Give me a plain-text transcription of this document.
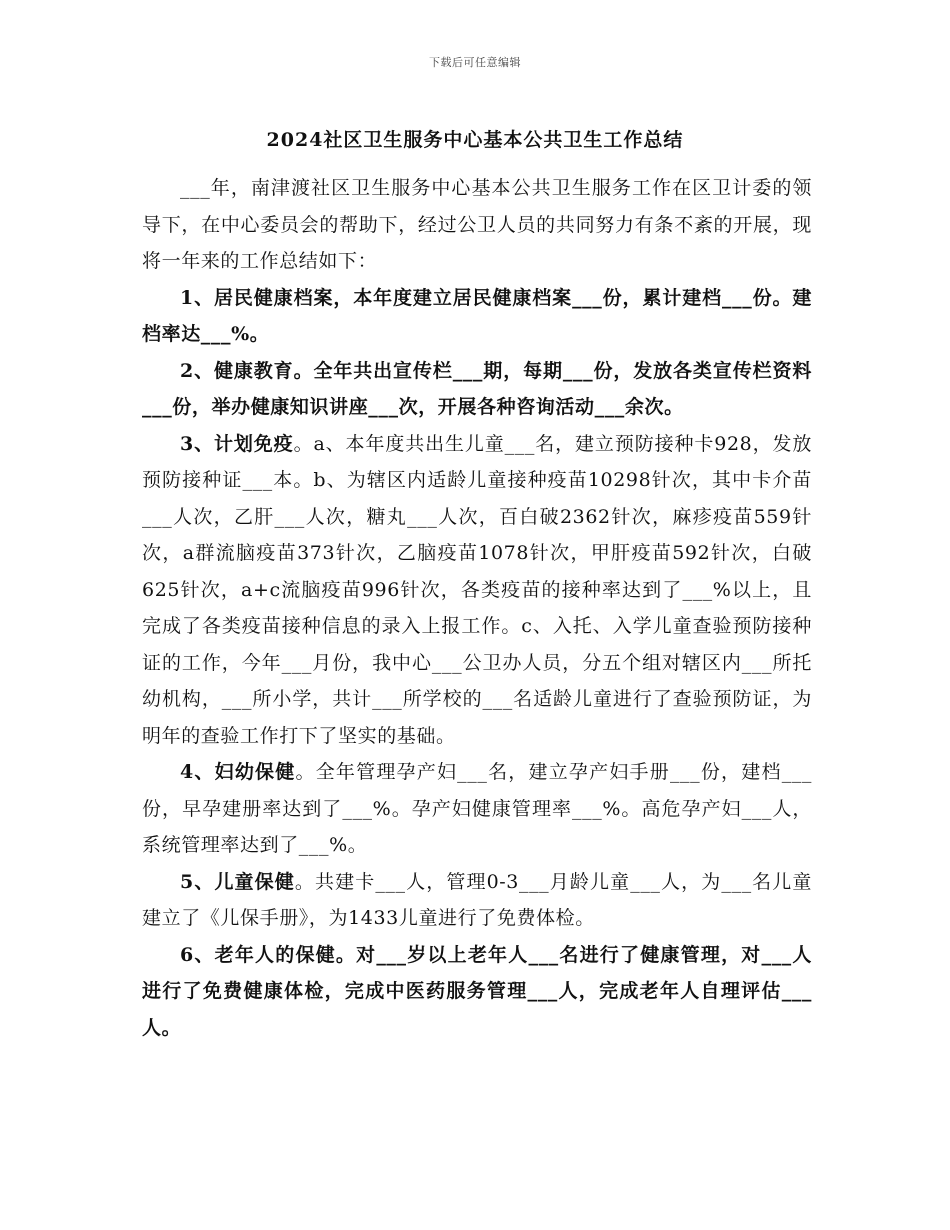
下载后可任意编辑
2024社区卫生服务中心基本公共卫生工作总结

___年，南津渡社区卫生服务中心基本公共卫生服务工作在区卫计委的领导下，在中心委员会的帮助下，经过公卫人员的共同努力有条不紊的开展，现将一年来的工作总结如下：

1、居民健康档案，本年度建立居民健康档案___份，累计建档___份。建档率达___%。

2、健康教育。全年共出宣传栏___期，每期___份，发放各类宣传栏资料___份，举办健康知识讲座___次，开展各种咨询活动___余次。

3、计划免疫。a、本年度共出生儿童___名，建立预防接种卡928，发放预防接种证___本。b、为辖区内适龄儿童接种疫苗10298针次，其中卡介苗___人次，乙肝___人次，糖丸___人次，百白破2362针次，麻疹疫苗559针次，a群流脑疫苗373针次，乙脑疫苗1078针次，甲肝疫苗592针次，白破625针次，a+c流脑疫苗996针次，各类疫苗的接种率达到了___%以上，且完成了各类疫苗接种信息的录入上报工作。c、入托、入学儿童查验预防接种证的工作，今年___月份，我中心___公卫办人员，分五个组对辖区内___所托幼机构，___所小学，共计___所学校的___名适龄儿童进行了查验预防证，为明年的查验工作打下了坚实的基础。

4、妇幼保健。全年管理孕产妇___名，建立孕产妇手册___份，建档___份，早孕建册率达到了___%。孕产妇健康管理率___%。高危孕产妇___人，系统管理率达到了___%。

5、儿童保健。共建卡___人，管理0-3___月龄儿童___人，为___名儿童建立了《儿保手册》，为1433儿童进行了免费体检。

6、老年人的保健。对___岁以上老年人___名进行了健康管理，对___人进行了免费健康体检，完成中医药服务管理___人，完成老年人自理评估___人。
